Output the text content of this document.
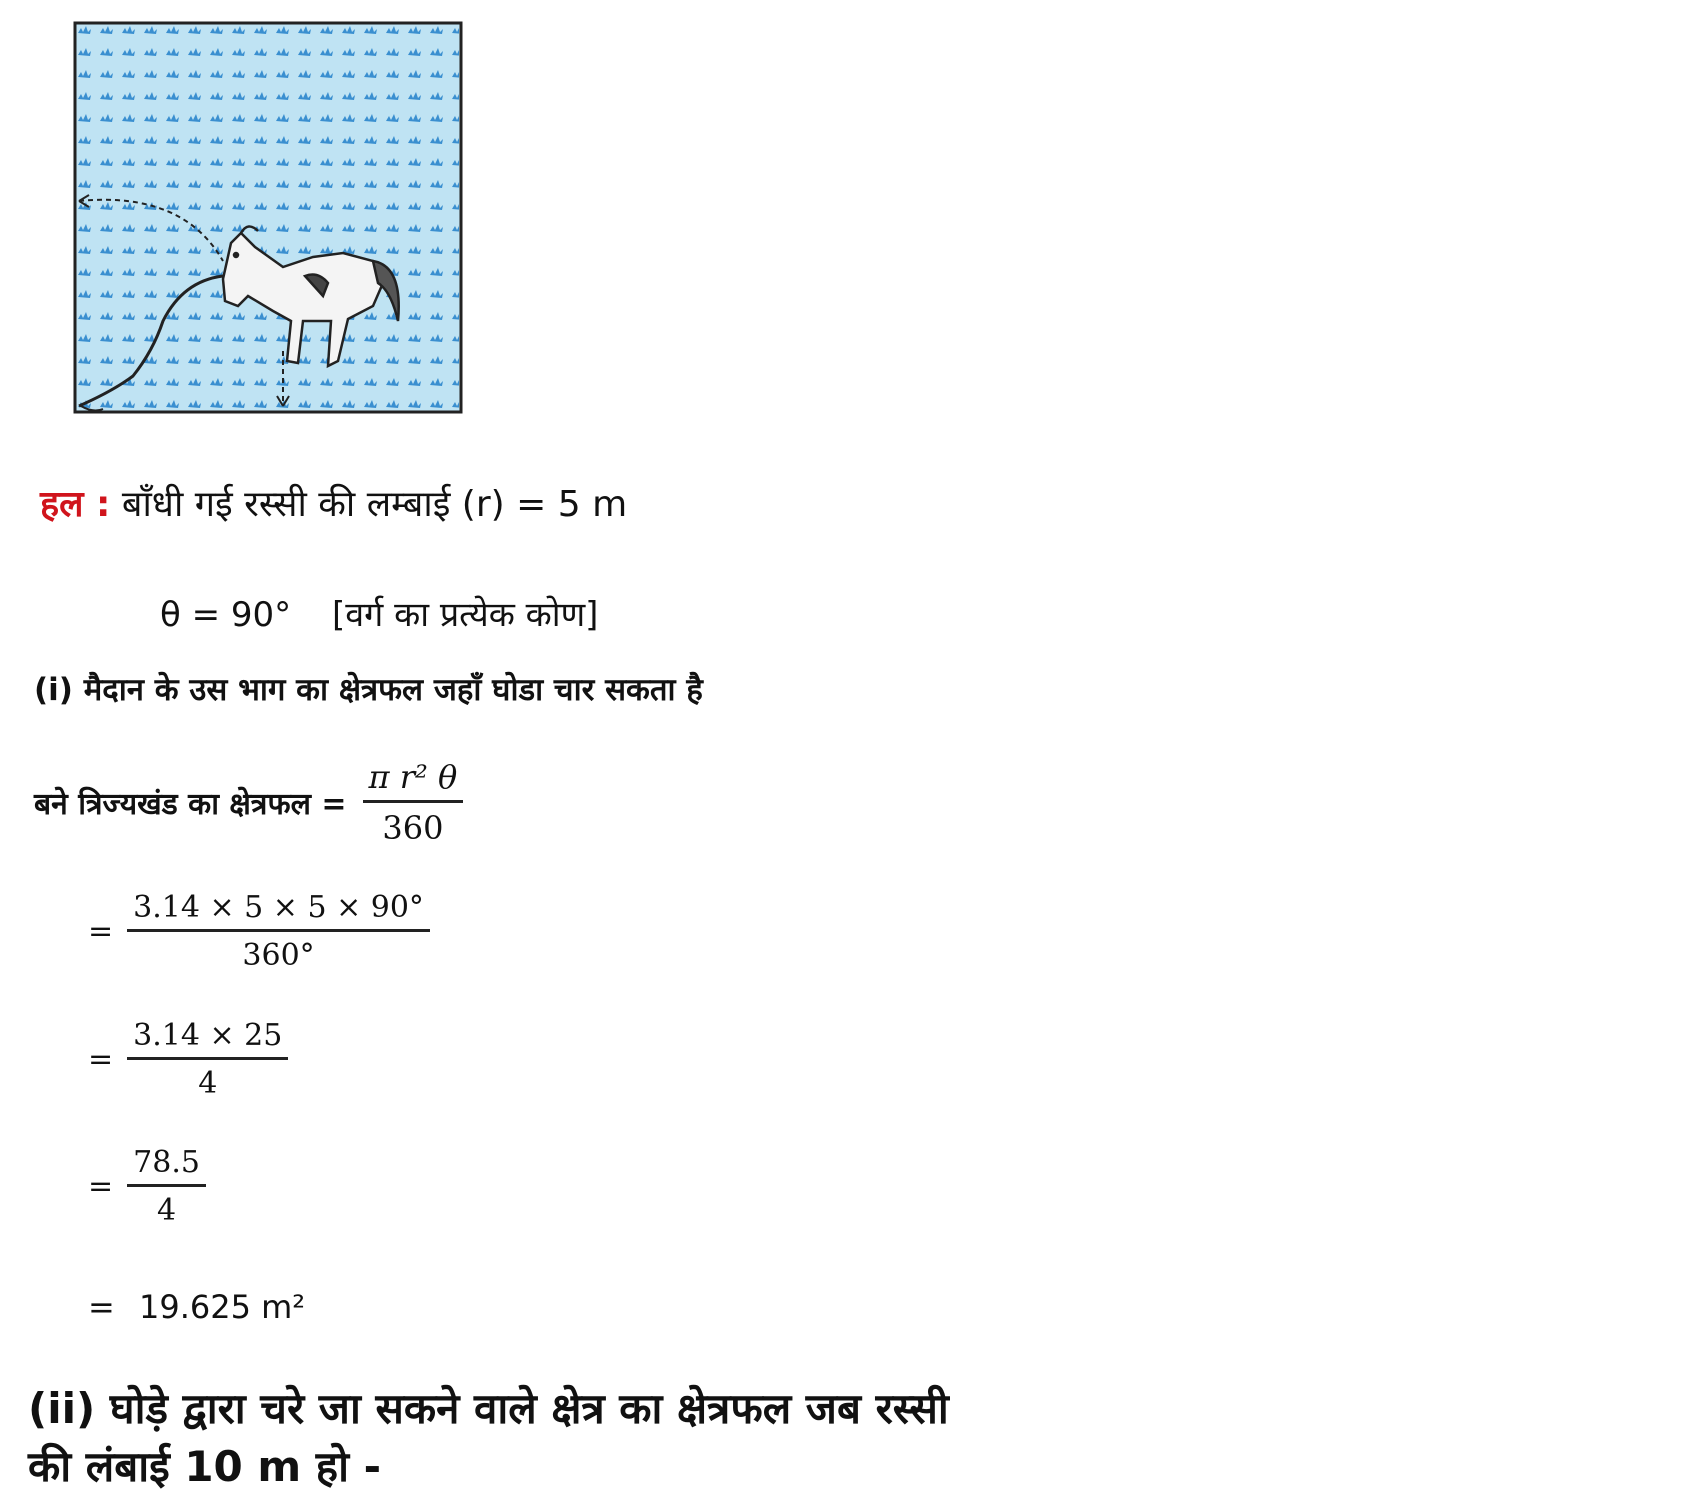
हल : बाँधी गई रस्सी की लम्बाई (r) = 5 m
θ = 90° [वर्ग का प्रत्येक कोण]
(i) मैदान के उस भाग का क्षेत्रफल जहाँ घोडा चार सकता है
बने त्रिज्यखंड का क्षेत्रफल = $\frac{\text{π r² θ}}{360}$
= $\frac{3.14 \times 5 \times 5 \times 90^\circ}{360^\circ}$
= $\frac{3.14 \times 25}{4}$
= $\frac{78.5}{4}$
= 19.625 m²
(ii) घोड़े द्वारा चरे जा सकने वाले क्षेत्र का क्षेत्रफल जब रस्सी
की लंबाई 10 m हो -
